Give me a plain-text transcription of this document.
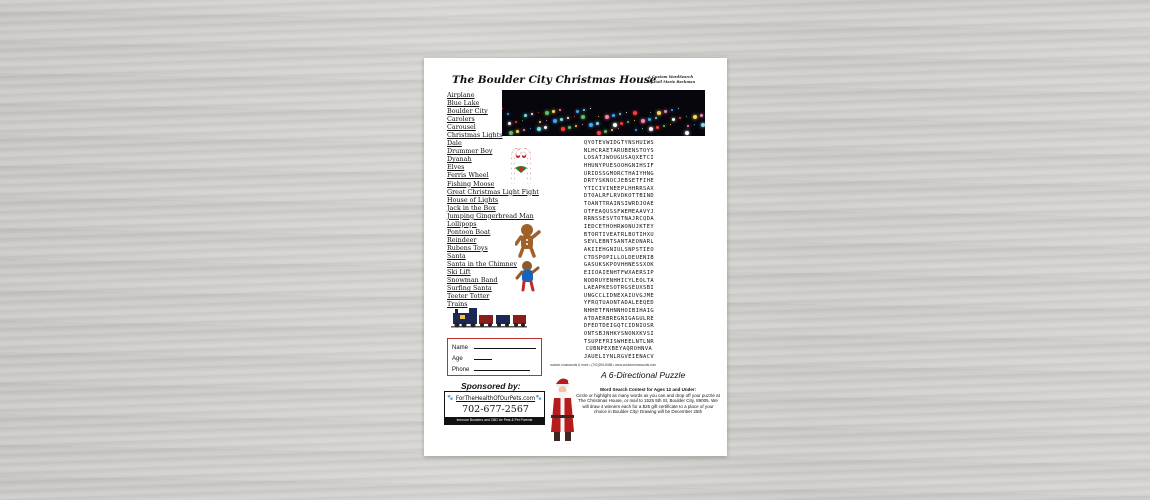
The Boulder City Christmas House
A Custom WordSearch
by Gail Marie Beckman
Airplane
Blue Lake
Boulder City
Carolers
Carousel
Christmas Lights
Dale
Drummer Boy
Dyanah
Elves
Ferris Wheel
Fishing Moose
Great Christmas Light Fight
House of Lights
Jack in the Box
Jumping Gingerbread Man
Lollipops
Pontoon Boat
Reindeer
Rubens Toys
Santa
Santa in the Chimney
Ski Lift
Snowman Band
Surfing Santa
Teeter Totter
Trains
QYOTEVWIDGTYNSHUIWS
NLHCRAETARUBENSTOYS
LOSATJWOUGUSAQXETCI
HHUNYPUESOOHGNIHSIF
URIDSSGMORCTHAIYHNG
DRTYSKNOCJEBSETFIHE
YTICIVINEEPLHHRRSAX
DTOALRFLRVDKOTTBIND
TOANTTRAINSIWRDJOAE
OTFEAQUSSFWEMEAAVYJ
RRNSSESVTOTNAJRCQDA
IEDCETHOHRWONUJKTEY
BTORTIVEATRLBOTIHXU
SEVLEBNTSANTAEONARL
AKIIEHGNIULSNPSTIEO
CTDSPOPILLOLDEUENIB
GASUKSKPOVHHNESSXOK
EIIOAIENHTFWXAERSIP
NODRUYENHHICYLEOLTA
LAEAPKESOTRGSEUXSBI
UNGCCLIDNEXAIUVGJME
YFRQTUAONTADALEEQED
NHHETFNHNNHOIBIHAIG
ATDAERBREGNIGAGULRE
DFEDTDEIGQTCIDNIOSR
ONTSBJNHKYSNONXKVSI
TSUPEFRISWHEELNTLNR
CUBNPEXBEYAQROHNVA
JAUELIYNLRGVEIENACV
custom crosswords & more • (702)294-8468 • www.customcrosswords.com
A 6-Directional Puzzle
Name
Age
Phone
Sponsored by:
🐾	🐾
ForTheHealthOfOurPets.com
702-677-2567
Immune Boosters and CBD for Pets & Pet Parents
Word Search Contest for Ages 12 and Under:
Circle or highlight as many words as you can and drop off your puzzle at The Christmas House, or mail to 1525 5th St, Boulder City, 89005. We will draw 4 winners each for a $25 gift certificate to a place of your choice in Boulder City! Drawing will be December 25th
